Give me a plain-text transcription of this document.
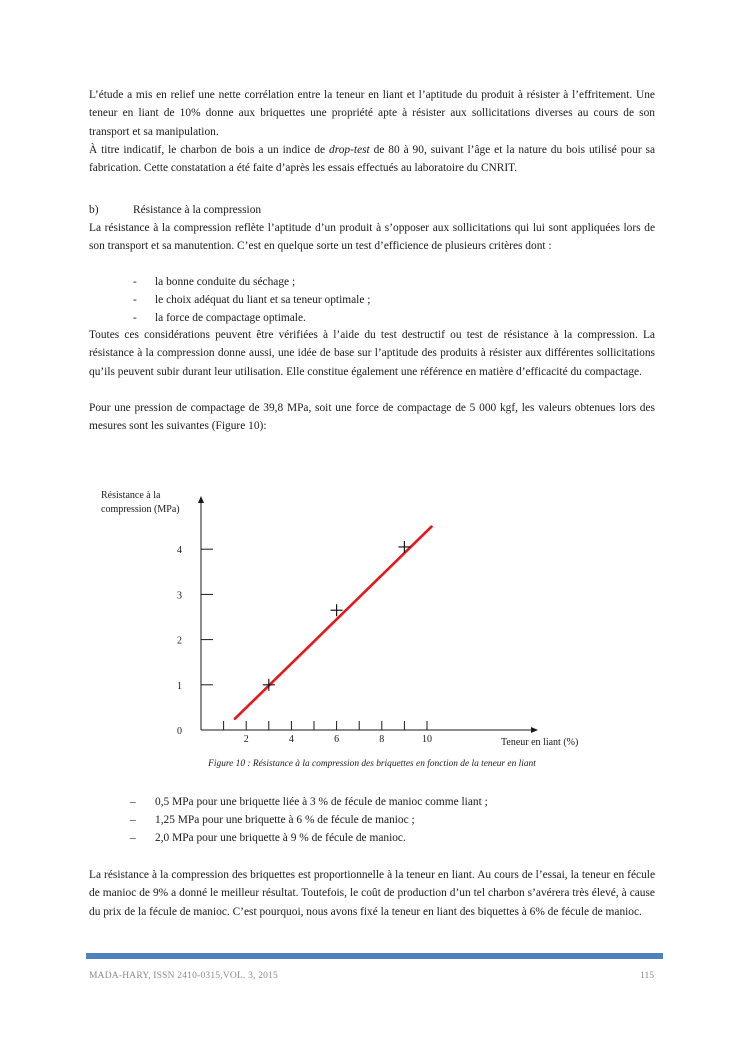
L’étude a mis en relief une nette corrélation entre la teneur en liant et l’aptitude du produit à résister à l’effritement. Une teneur en liant de 10% donne aux briquettes une propriété apte à résister aux sollicitations diverses au cours de son transport et sa manipulation.
À titre indicatif, le charbon de bois a un indice de drop-test de 80 à 90, suivant l’âge et la nature du bois utilisé pour sa fabrication. Cette constatation a été faite d’après les essais effectués au laboratoire du CNRIT.
b)	Résistance à la compression
La résistance à la compression reflète l’aptitude d’un produit à s’opposer aux sollicitations qui lui sont appliquées lors de son transport et sa manutention. C’est en quelque sorte un test d’efficience de plusieurs critères dont :
- la bonne conduite du séchage ;
- le choix adéquat du liant et sa teneur optimale ;
- la force de compactage optimale.
Toutes ces considérations peuvent être vérifiées à l’aide du test destructif ou test de résistance à la compression. La résistance à la compression donne aussi, une idée de base sur l’aptitude des produits à résister aux différentes sollicitations qu’ils peuvent subir durant leur utilisation. Elle constitue également une référence en matière d’efficacité du compactage.
Pour une pression de compactage de 39,8 MPa, soit une force de compactage de 5 000 kgf, les valeurs obtenues lors des mesures sont les suivantes (Figure 10):
2	4	6	8	10
0
1
2
3
4
Résistance à la
compression (MPa)
Teneur en liant (%)
Figure 10 : Résistance à la compression des briquettes en fonction de la teneur en liant
– 0,5 MPa pour une briquette liée à 3 % de fécule de manioc comme liant ;
– 1,25 MPa pour une briquette à 6 % de fécule de manioc ;
– 2,0 MPa pour une briquette à 9 % de fécule de manioc.
La résistance à la compression des briquettes est proportionnelle à la teneur en liant. Au cours de l’essai, la teneur en fécule de manioc de 9% a donné le meilleur résultat. Toutefois, le coût de production d’un tel charbon s’avérera très élevé, à cause du prix de la fécule de manioc. C’est pourquoi, nous avons fixé la teneur en liant des biquettes à 6% de fécule de manioc.
MADA-HARY, ISSN 2410-0315,VOL. 3, 2015	115
